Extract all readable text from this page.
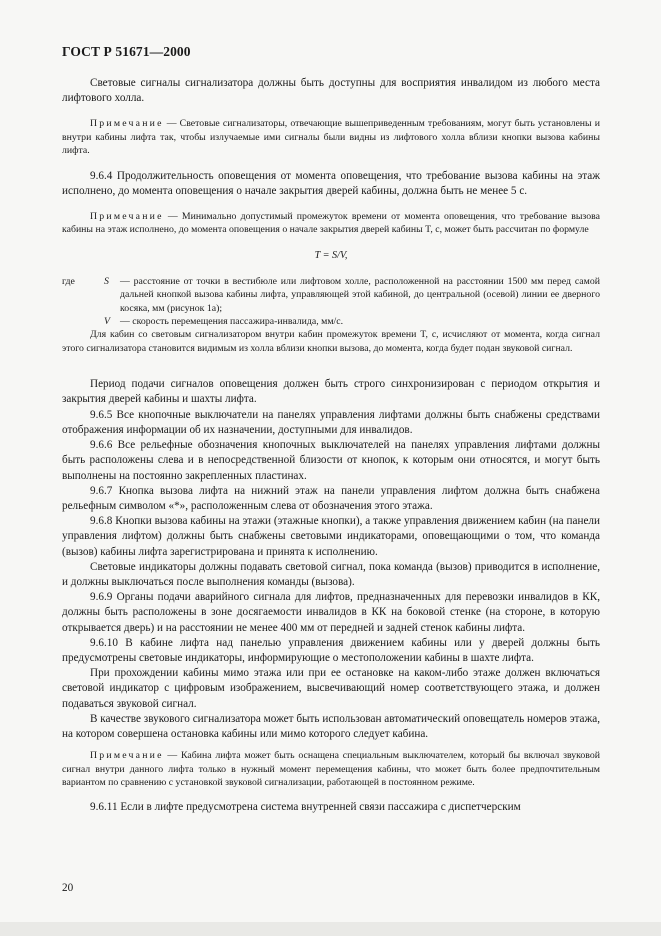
ГОСТ Р 51671—2000

Световые сигналы сигнализатора должны быть доступны для восприятия инвалидом из любого места лифтового холла.

Примечание — Световые сигнализаторы, отвечающие вышеприведенным требованиям, могут быть установлены и внутри кабины лифта так, чтобы излучаемые ими сигналы были видны из лифтового холла вблизи кнопки вызова кабины лифта.

9.6.4 Продолжительность оповещения от момента оповещения, что требование вызова кабины на этаж исполнено, до момента оповещения о начале закрытия дверей кабины, должна быть не менее 5 с.

Примечание — Минимально допустимый промежуток времени от момента оповещения, что требование вызова кабины на этаж исполнено, до момента оповещения о начале закрытия дверей кабины T, с, может быть рассчитан по формуле

T = S/V,
где	S	— расстояние от точки в вестибюле или лифтовом холле, расположенной на расстоянии 1500 мм перед самой дальней кнопкой вызова кабины лифта, управляющей этой кабиной, до центральной (осевой) линии ее дверного косяка, мм (рисунок 1а);
V	— скорость перемещения пассажира-инвалида, мм/с.

Для кабин со световым сигнализатором внутри кабин промежуток времени T, с, исчисляют от момента, когда сигнал этого сигнализатора становится видимым из холла вблизи кнопки вызова, до момента, когда будет подан звуковой сигнал.

Период подачи сигналов оповещения должен быть строго синхронизирован с периодом открытия и закрытия дверей кабины и шахты лифта.

9.6.5 Все кнопочные выключатели на панелях управления лифтами должны быть снабжены средствами отображения информации об их назначении, доступными для инвалидов.

9.6.6 Все рельефные обозначения кнопочных выключателей на панелях управления лифтами должны быть расположены слева и в непосредственной близости от кнопок, к которым они относятся, и могут быть выполнены на постоянно закрепленных пластинах.

9.6.7 Кнопка вызова лифта на нижний этаж на панели управления лифтом должна быть снабжена рельефным символом «*», расположенным слева от обозначения этого этажа.

9.6.8 Кнопки вызова кабины на этажи (этажные кнопки), а также управления движением кабин (на панели управления лифтом) должны быть снабжены световыми индикаторами, оповещающими о том, что команда (вызов) кабины лифта зарегистрирована и принята к исполнению.

Световые индикаторы должны подавать световой сигнал, пока команда (вызов) приводится в исполнение, и должны выключаться после выполнения команды (вызова).

9.6.9 Органы подачи аварийного сигнала для лифтов, предназначенных для перевозки инвалидов в КК, должны быть расположены в зоне досягаемости инвалидов в КК на боковой стенке (на стороне, в которую открывается дверь) и на расстоянии не менее 400 мм от передней и задней стенок кабины лифта.

9.6.10 В кабине лифта над панелью управления движением кабины или у дверей должны быть предусмотрены световые индикаторы, информирующие о местоположении кабины в шахте лифта.

При прохождении кабины мимо этажа или при ее остановке на каком-либо этаже должен включаться световой индикатор с цифровым изображением, высвечивающий номер соответствующего этажа, и должен подаваться звуковой сигнал.

В качестве звукового сигнализатора может быть использован автоматический оповещатель номеров этажа, на котором совершена остановка кабины или мимо которого следует кабина.

Примечание — Кабина лифта может быть оснащена специальным выключателем, который бы включал звуковой сигнал внутри данного лифта только в нужный момент перемещения кабины, что может быть более предпочтительным вариантом по сравнению с установкой звуковой сигнализации, работающей в постоянном режиме.

9.6.11 Если в лифте предусмотрена система внутренней связи пассажира с диспетчерским

20
